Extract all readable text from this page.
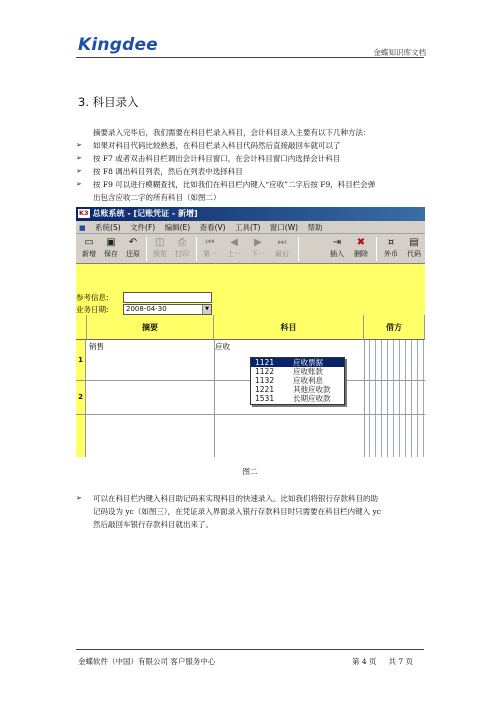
Kingdee	金蝶知识库文档
3. 科目录入
摘要录入完毕后，我们需要在科目栏录入科目，会计科目录入主要有以下几种方法：
➢ 如果对科目代码比较熟悉，在科目栏录入科目代码然后直接敲回车就可以了
➢ 按 F7 或者双击科目栏调出会计科目窗口，在会计科目窗口内选择会计科目
➢ 按 F8 调出科目列表，然后在列表中选择科目
➢ 按 F9 可以进行模糊查找，比如我们在科目栏内键入“应收”二字后按 F9，科目栏会弹
出包含应收二字的所有科目（如图二）
K3 总账系统 - [记账凭证 - 新增]
■ 系统(S) 文件(F) 编辑(E) 查看(V) 工具(T) 窗口(W) 帮助
▭
新增
▣
保存
↶
还原
◫
预览
⎙
打印
⏮
第一
◀
上一
▶
下一
⏭
最后
⇥
插入
✖
删除
¤
外币
▤
代码
参考信息:
业务日期:	2008-04-30	▼
摘要	科目	借方
1
2
销售	应收
1121	应收票据
1122	应收账款
1132	应收利息
1221	其他应收款
1531	长期应收款
图二
➢ 可以在科目栏内键入科目助记码来实现科目的快速录入。比如我们将银行存款科目的助
记码设为 yc（如图三），在凭证录入界面录入银行存款科目时只需要在科目栏内键入 yc
然后敲回车银行存款科目就出来了。
金蝶软件（中国）有限公司 客户服务中心	第 4 页 共 7 页
